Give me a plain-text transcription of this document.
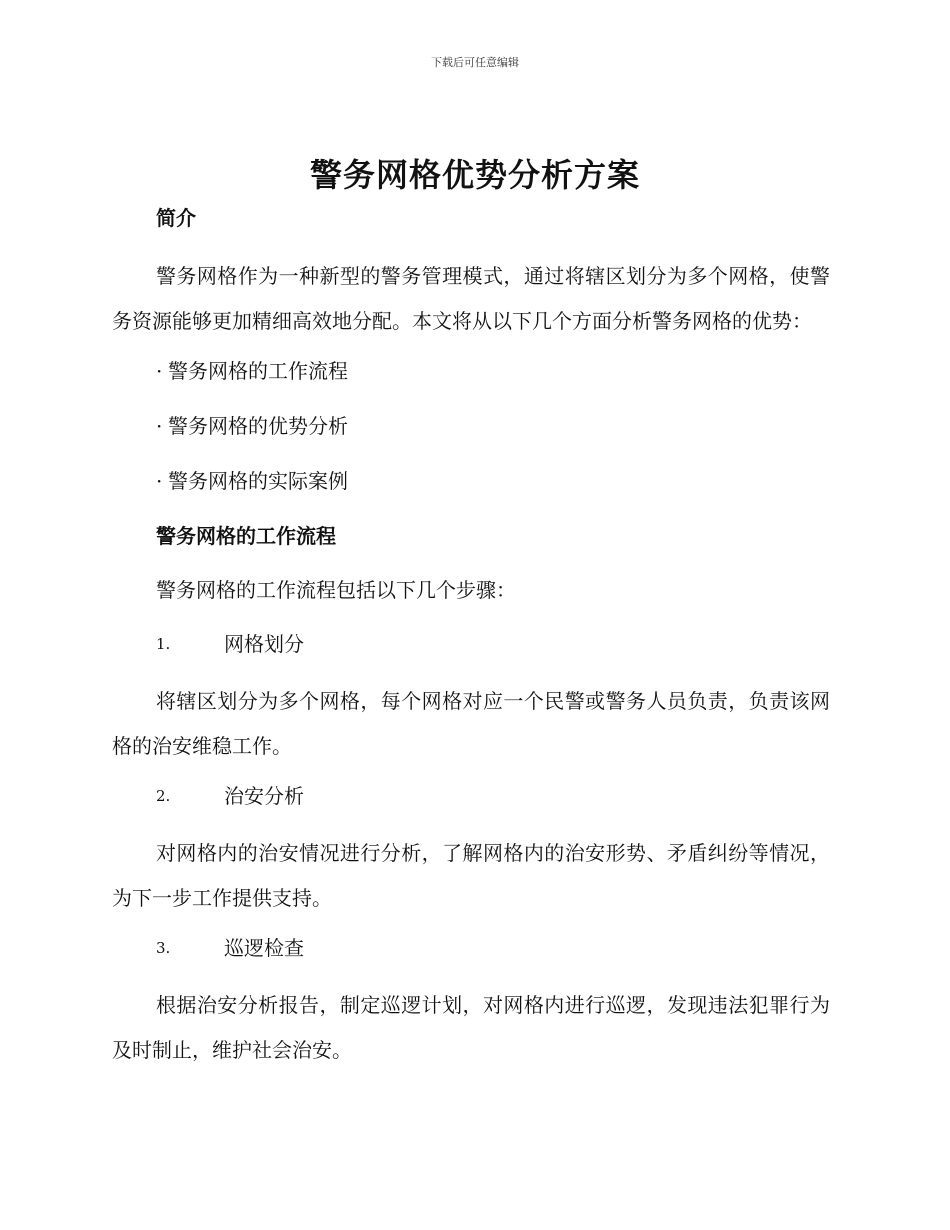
下载后可任意编辑
警务网格优势分析方案
简介

警务网格作为一种新型的警务管理模式，通过将辖区划分为多个网格，使警务资源能够更加精细高效地分配。本文将从以下几个方面分析警务网格的优势：

· 警务网格的工作流程
· 警务网格的优势分析
· 警务网格的实际案例
警务网格的工作流程

警务网格的工作流程包括以下几个步骤：

1.	网格划分

将辖区划分为多个网格，每个网格对应一个民警或警务人员负责，负责该网格的治安维稳工作。

2.	治安分析

对网格内的治安情况进行分析，了解网格内的治安形势、矛盾纠纷等情况，为下一步工作提供支持。

3.	巡逻检查

根据治安分析报告，制定巡逻计划，对网格内进行巡逻，发现违法犯罪行为及时制止，维护社会治安。
